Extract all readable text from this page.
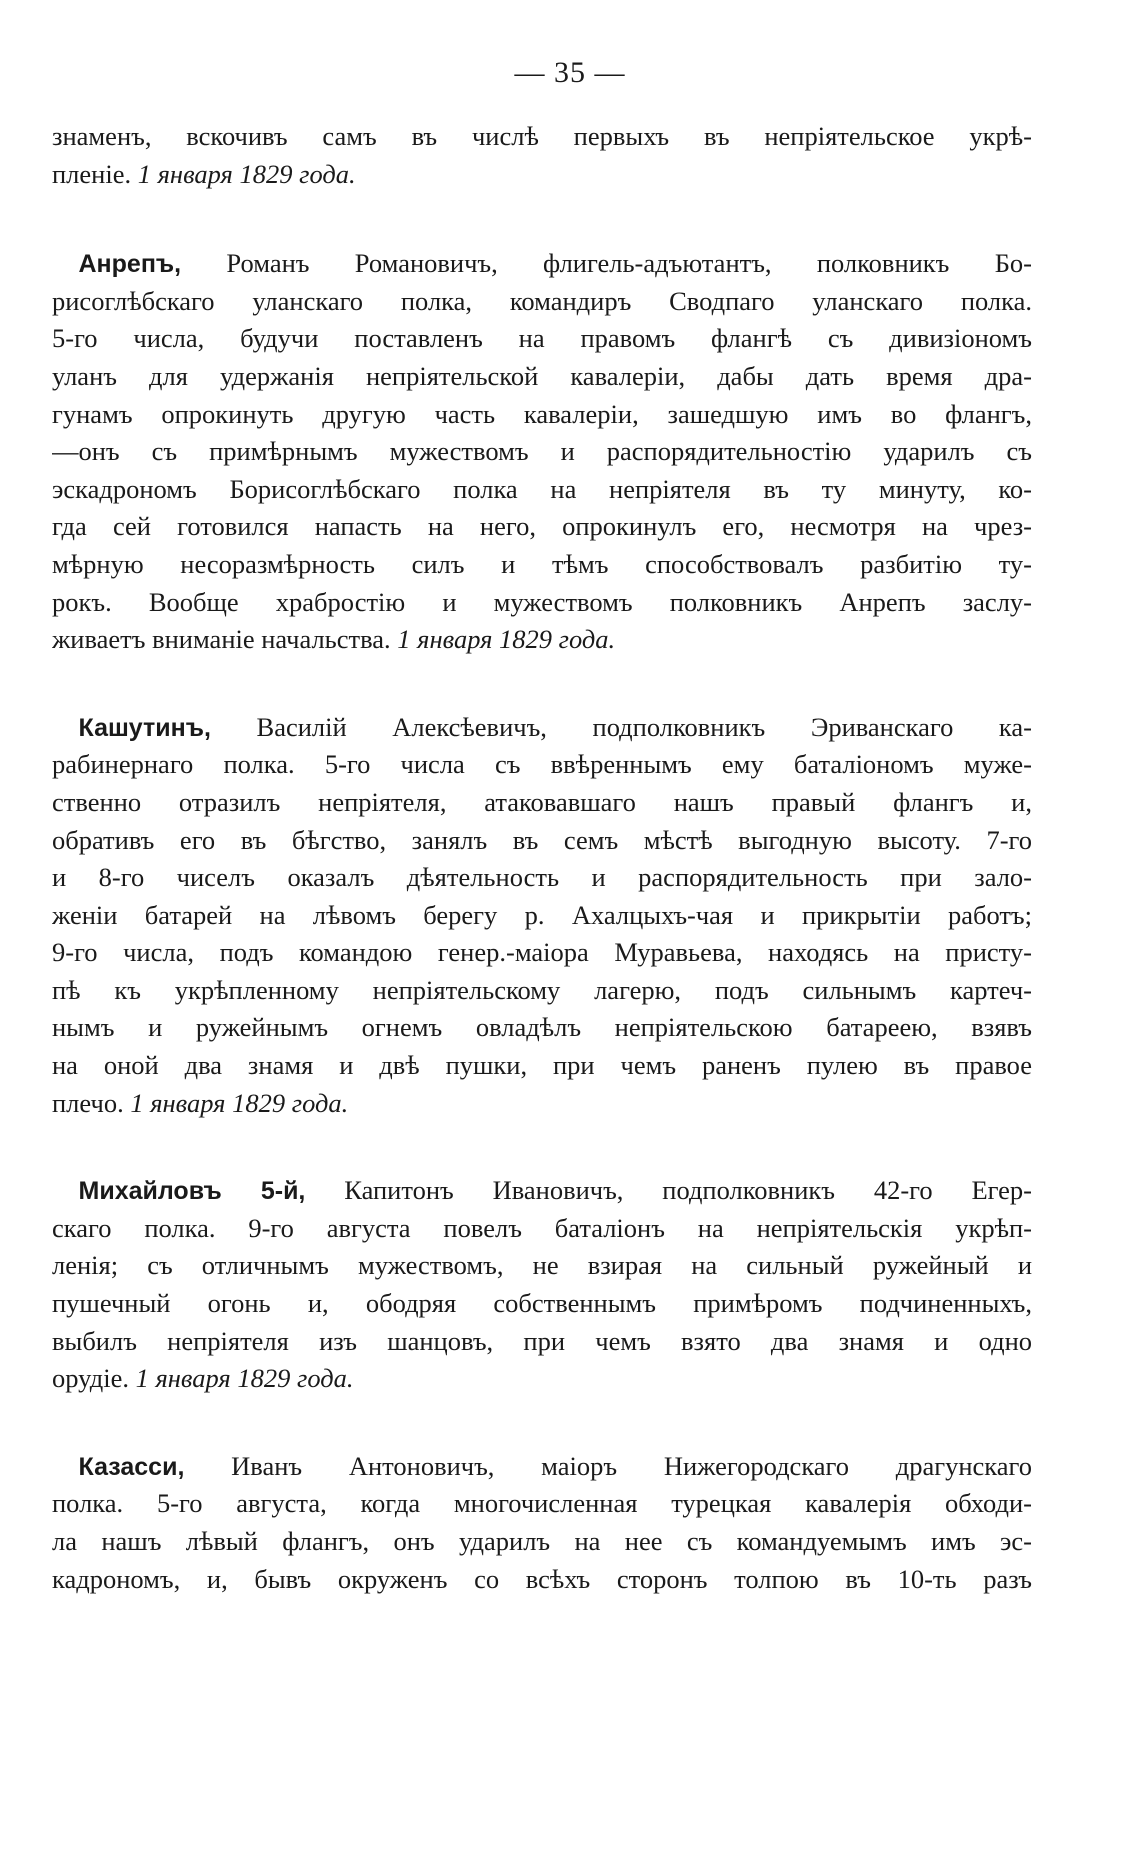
— 35 —
знаменъ, вскочивъ самъ въ числѣ первыхъ въ непріятельское укрѣ-
пленіе. 1 января 1829 года.
 Анрепъ, Романъ Романовичъ, флигель-адъютантъ, полковникъ Бо-
рисоглѣбскаго уланскаго полка, командиръ Сводпаго уланскаго полка.
5-го числа, будучи поставленъ на правомъ флангѣ съ дивизіономъ
уланъ для удержанія непріятельской кавалеріи, дабы дать время дра-
гунамъ опрокинуть другую часть кавалеріи, зашедшую имъ во флангъ,
—онъ съ примѣрнымъ мужествомъ и распорядительностію ударилъ съ
эскадрономъ Борисоглѣбскаго полка на непріятеля въ ту минуту, ко-
гда сей готовился напасть на него, опрокинулъ его, несмотря на чрез-
мѣрную несоразмѣрность силъ и тѣмъ способствовалъ разбитію ту-
рокъ. Вообще храбростію и мужествомъ полковникъ Анрепъ заслу-
живаетъ вниманіе начальства. 1 января 1829 года.
 Кашутинъ, Василій Алексѣевичъ, подполковникъ Эриванскаго ка-
рабинернаго полка. 5-го числа съ ввѣреннымъ ему баталіономъ муже-
ственно отразилъ непріятеля, атаковавшаго нашъ правый флангъ и,
обративъ его въ бѣгство, занялъ въ семъ мѣстѣ выгодную высоту. 7-го
и 8-го чиселъ оказалъ дѣятельность и распорядительность при зало-
женіи батарей на лѣвомъ берегу р. Ахалцыхъ-чая и прикрытіи работъ;
9-го числа, подъ командою генер.-маіора Муравьева, находясь на присту-
пѣ къ укрѣпленному непріятельскому лагерю, подъ сильнымъ картеч-
нымъ и ружейнымъ огнемъ овладѣлъ непріятельскою батареею, взявъ
на оной два знамя и двѣ пушки, при чемъ раненъ пулею въ правое
плечо. 1 января 1829 года.
 Михайловъ 5-й, Капитонъ Ивановичъ, подполковникъ 42-го Егер-
скаго полка. 9-го августа повелъ баталіонъ на непріятельскія укрѣп-
ленія; съ отличнымъ мужествомъ, не взирая на сильный ружейный и
пушечный огонь и, ободряя собственнымъ примѣромъ подчиненныхъ,
выбилъ непріятеля изъ шанцовъ, при чемъ взято два знамя и одно
орудіе. 1 января 1829 года.
 Казасси, Иванъ Антоновичъ, маіоръ Нижегородскаго драгунскаго
полка. 5-го августа, когда многочисленная турецкая кавалерія обходи-
ла нашъ лѣвый флангъ, онъ ударилъ на нее съ командуемымъ имъ эс-
кадрономъ, и, бывъ окруженъ со всѣхъ сторонъ толпою въ 10-ть разъ
